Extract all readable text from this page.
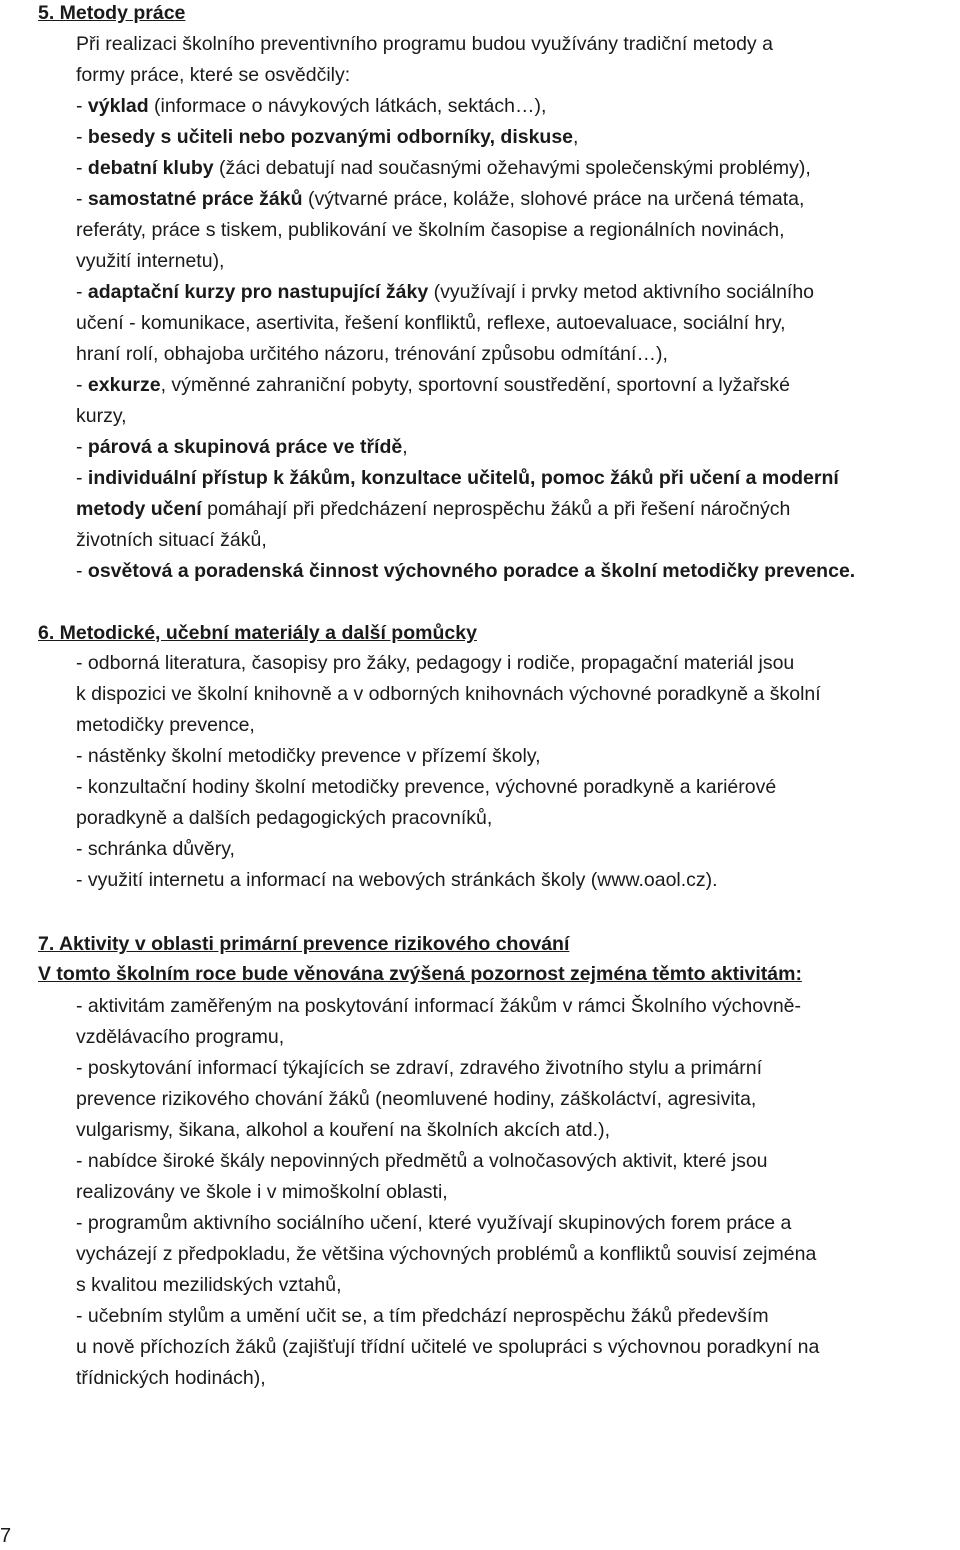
5. Metody práce
Při realizaci školního preventivního programu budou využívány tradiční metody a
formy práce, které se osvědčily:
- výklad (informace o návykových látkách, sektách…),
- besedy s učiteli nebo pozvanými odborníky, diskuse,
- debatní kluby (žáci debatují nad současnými ožehavými společenskými problémy),
- samostatné práce žáků (výtvarné práce, koláže, slohové práce na určená témata,
referáty, práce s tiskem, publikování ve školním časopise a regionálních novinách,
využití internetu),
- adaptační kurzy pro nastupující žáky (využívají i prvky metod aktivního sociálního
učení - komunikace, asertivita, řešení konfliktů, reflexe, autoevaluace, sociální hry,
hraní rolí, obhajoba určitého názoru, trénování způsobu odmítání…),
- exkurze, výměnné zahraniční pobyty, sportovní soustředění, sportovní a lyžařské
kurzy,
- párová a skupinová práce ve třídě,
- individuální přístup k žákům, konzultace učitelů, pomoc žáků při učení a moderní
metody učení pomáhají při předcházení neprospěchu žáků a při řešení náročných
životních situací žáků,
- osvětová a poradenská činnost výchovného poradce a školní metodičky prevence.
6. Metodické, učební materiály a další pomůcky
- odborná literatura, časopisy pro žáky, pedagogy i rodiče, propagační materiál jsou
k dispozici ve školní knihovně a v odborných knihovnách výchovné poradkyně a školní
metodičky prevence,
- nástěnky školní metodičky prevence v přízemí školy,
- konzultační hodiny školní metodičky prevence, výchovné poradkyně a kariérové
poradkyně a dalších pedagogických pracovníků,
- schránka důvěry,
- využití internetu a informací na webových stránkách školy (www.oaol.cz).
7. Aktivity v oblasti primární prevence rizikového chování
V tomto školním roce bude věnována zvýšená pozornost zejména těmto aktivitám:
- aktivitám zaměřeným na poskytování informací žákům v rámci Školního výchovně-
vzdělávacího programu,
- poskytování informací týkajících se zdraví, zdravého životního stylu a primární
prevence rizikového chování žáků (neomluvené hodiny, záškoláctví, agresivita,
vulgarismy, šikana, alkohol a kouření na školních akcích atd.),
- nabídce široké škály nepovinných předmětů a volnočasových aktivit, které jsou
realizovány ve škole i v mimoškolní oblasti,
- programům aktivního sociálního učení, které využívají skupinových forem práce a
vycházejí z předpokladu, že většina výchovných problémů a konfliktů souvisí zejména
s kvalitou mezilidských vztahů,
- učebním stylům a umění učit se, a tím předchází neprospěchu žáků především
u nově příchozích žáků (zajišťují třídní učitelé ve spolupráci s výchovnou poradkyní na
třídnických hodinách),
7
